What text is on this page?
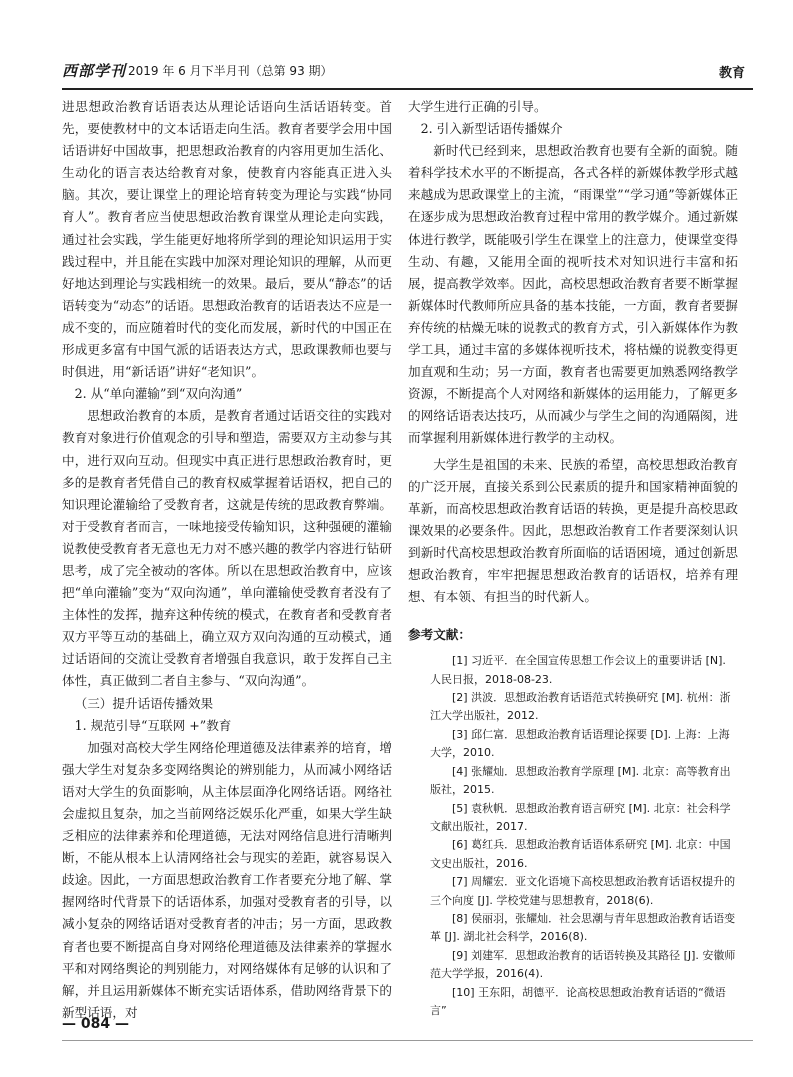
西部学刊 2019 年 6 月下半月刊（总第 93 期）	教育

进思想政治教育话语表达从理论话语向生活话语转变。首先，要使教材中的文本话语走向生活。教育者要学会用中国话语讲好中国故事，把思想政治教育的内容用更加生活化、生动化的语言表达给教育对象，使教育内容能真正进入头脑。其次，要让课堂上的理论培育转变为理论与实践“协同育人”。教育者应当使思想政治教育课堂从理论走向实践，通过社会实践，学生能更好地将所学到的理论知识运用于实践过程中，并且能在实践中加深对理论知识的理解，从而更好地达到理论与实践相统一的效果。最后，要从“静态”的话语转变为“动态”的话语。思想政治教育的话语表达不应是一成不变的，而应随着时代的变化而发展，新时代的中国正在形成更多富有中国气派的话语表达方式，思政课教师也要与时俱进，用“新话语”讲好“老知识”。

2. 从“单向灌输”到“双向沟通”

思想政治教育的本质，是教育者通过话语交往的实践对教育对象进行价值观念的引导和塑造，需要双方主动参与其中，进行双向互动。但现实中真正进行思想政治教育时，更多的是教育者凭借自己的教育权威掌握着话语权，把自己的知识理论灌输给了受教育者，这就是传统的思政教育弊端。对于受教育者而言，一味地接受传输知识，这种强硬的灌输说教使受教育者无意也无力对不感兴趣的教学内容进行钻研思考，成了完全被动的客体。所以在思想政治教育中，应该把“单向灌输”变为“双向沟通”，单向灌输使受教育者没有了主体性的发挥，抛弃这种传统的模式，在教育者和受教育者双方平等互动的基础上，确立双方双向沟通的互动模式，通过话语间的交流让受教育者增强自我意识，敢于发挥自己主体性，真正做到二者自主参与、“双向沟通”。

（三）提升话语传播效果
1. 规范引导“互联网 +”教育

加强对高校大学生网络伦理道德及法律素养的培育，增强大学生对复杂多变网络舆论的辨别能力，从而减小网络话语对大学生的负面影响，从主体层面净化网络话语。网络社会虚拟且复杂，加之当前网络泛娱乐化严重，如果大学生缺乏相应的法律素养和伦理道德，无法对网络信息进行清晰判断，不能从根本上认清网络社会与现实的差距，就容易误入歧途。因此，一方面思想政治教育工作者要充分地了解、掌握网络时代背景下的话语体系，加强对受教育者的引导，以减小复杂的网络话语对受教育者的冲击；另一方面，思政教育者也要不断提高自身对网络伦理道德及法律素养的掌握水平和对网络舆论的判别能力，对网络媒体有足够的认识和了解，并且运用新媒体不断充实话语体系，借助网络背景下的新型话语，对

大学生进行正确的引导。

2. 引入新型话语传播媒介

新时代已经到来，思想政治教育也要有全新的面貌。随着科学技术水平的不断提高，各式各样的新媒体教学形式越来越成为思政课堂上的主流，“雨课堂”“学习通”等新媒体正在逐步成为思想政治教育过程中常用的教学媒介。通过新媒体进行教学，既能吸引学生在课堂上的注意力，使课堂变得生动、有趣，又能用全面的视听技术对知识进行丰富和拓展，提高教学效率。因此，高校思想政治教育者要不断掌握新媒体时代教师所应具备的基本技能，一方面，教育者要摒弃传统的枯燥无味的说教式的教育方式，引入新媒体作为教学工具，通过丰富的多媒体视听技术，将枯燥的说教变得更加直观和生动；另一方面，教育者也需要更加熟悉网络教学资源，不断提高个人对网络和新媒体的运用能力，了解更多的网络话语表达技巧，从而减少与学生之间的沟通隔阂，进而掌握利用新媒体进行教学的主动权。

大学生是祖国的未来、民族的希望，高校思想政治教育的广泛开展，直接关系到公民素质的提升和国家精神面貌的革新，而高校思想政治教育话语的转换，更是提升高校思政课效果的必要条件。因此，思想政治教育工作者要深刻认识到新时代高校思想政治教育所面临的话语困境，通过创新思想政治教育，牢牢把握思想政治教育的话语权，培养有理想、有本领、有担当的时代新人。

参考文献：

[1] 习近平．在全国宣传思想工作会议上的重要讲话 [N]. 人民日报，2018-08-23.

[2] 洪波．思想政治教育话语范式转换研究 [M]. 杭州：浙江大学出版社，2012.

[3] 邱仁富．思想政治教育话语理论探要 [D]. 上海：上海大学，2010.

[4] 张耀灿．思想政治教育学原理 [M]. 北京：高等教育出版社，2015.

[5] 袁秋帆．思想政治教育语言研究 [M]. 北京：社会科学文献出版社，2017.

[6] 葛红兵．思想政治教育话语体系研究 [M]. 北京：中国文史出版社，2016.

[7] 周耀宏．亚文化语境下高校思想政治教育话语权提升的三个向度 [J]. 学校党建与思想教育，2018(6).

[8] 侯丽羽，张耀灿．社会思潮与青年思想政治教育话语变革 [J]. 湖北社会科学，2016(8).

[9] 刘建军．思想政治教育的话语转换及其路径 [J]. 安徽师范大学学报，2016(4).

[10] 王东阳，胡德平．论高校思想政治教育话语的“微语言”

— 084 —
